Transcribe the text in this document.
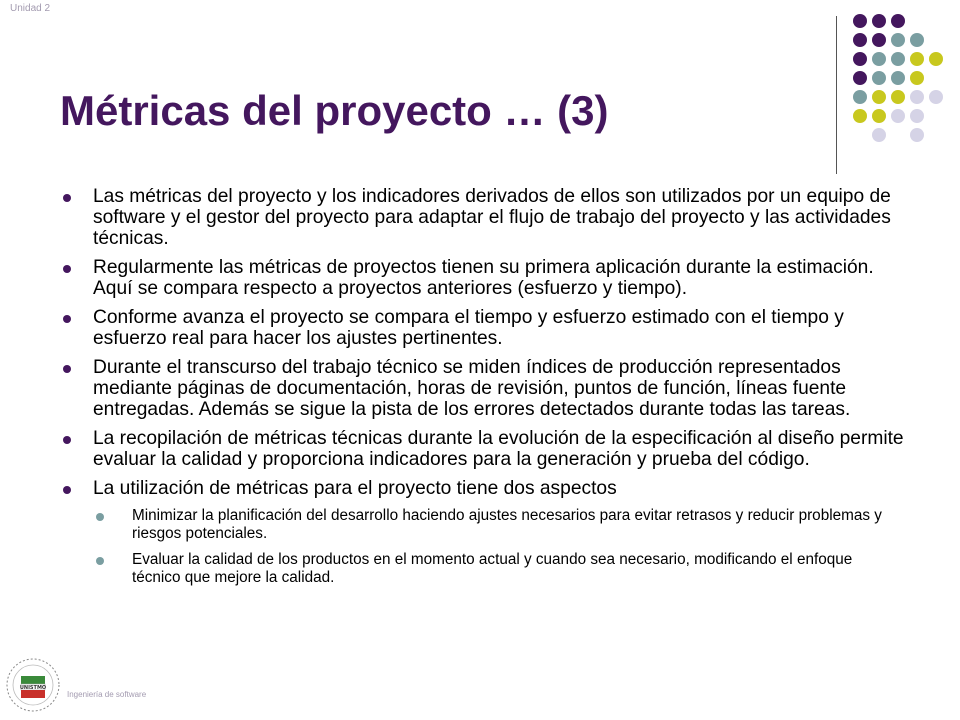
Unidad 2
Métricas del proyecto … (3)
Las métricas del proyecto y los indicadores derivados de ellos son utilizados por un equipo de software y el gestor del proyecto para adaptar el flujo de trabajo del proyecto y las actividades técnicas.
Regularmente las métricas de proyectos tienen su primera aplicación durante la estimación. Aquí se compara respecto a proyectos anteriores (esfuerzo y tiempo).
Conforme avanza el proyecto se compara el tiempo y esfuerzo estimado con el tiempo y esfuerzo real para hacer los ajustes pertinentes.
Durante el transcurso del trabajo técnico se miden índices de producción representados mediante páginas de documentación, horas de revisión, puntos de función, líneas fuente entregadas. Además se sigue la pista de los errores detectados durante todas las tareas.
La recopilación de métricas técnicas durante la evolución de la especificación al diseño permite evaluar la calidad y proporciona indicadores para la generación y prueba del código.
La utilización de métricas para el proyecto tiene dos aspectos
Minimizar la planificación del desarrollo haciendo ajustes necesarios para evitar retrasos y reducir problemas y riesgos potenciales.
Evaluar la calidad de los productos en el momento actual y cuando sea necesario, modificando el enfoque técnico que mejore la calidad.
UNISTMO
Ingeniería de software
